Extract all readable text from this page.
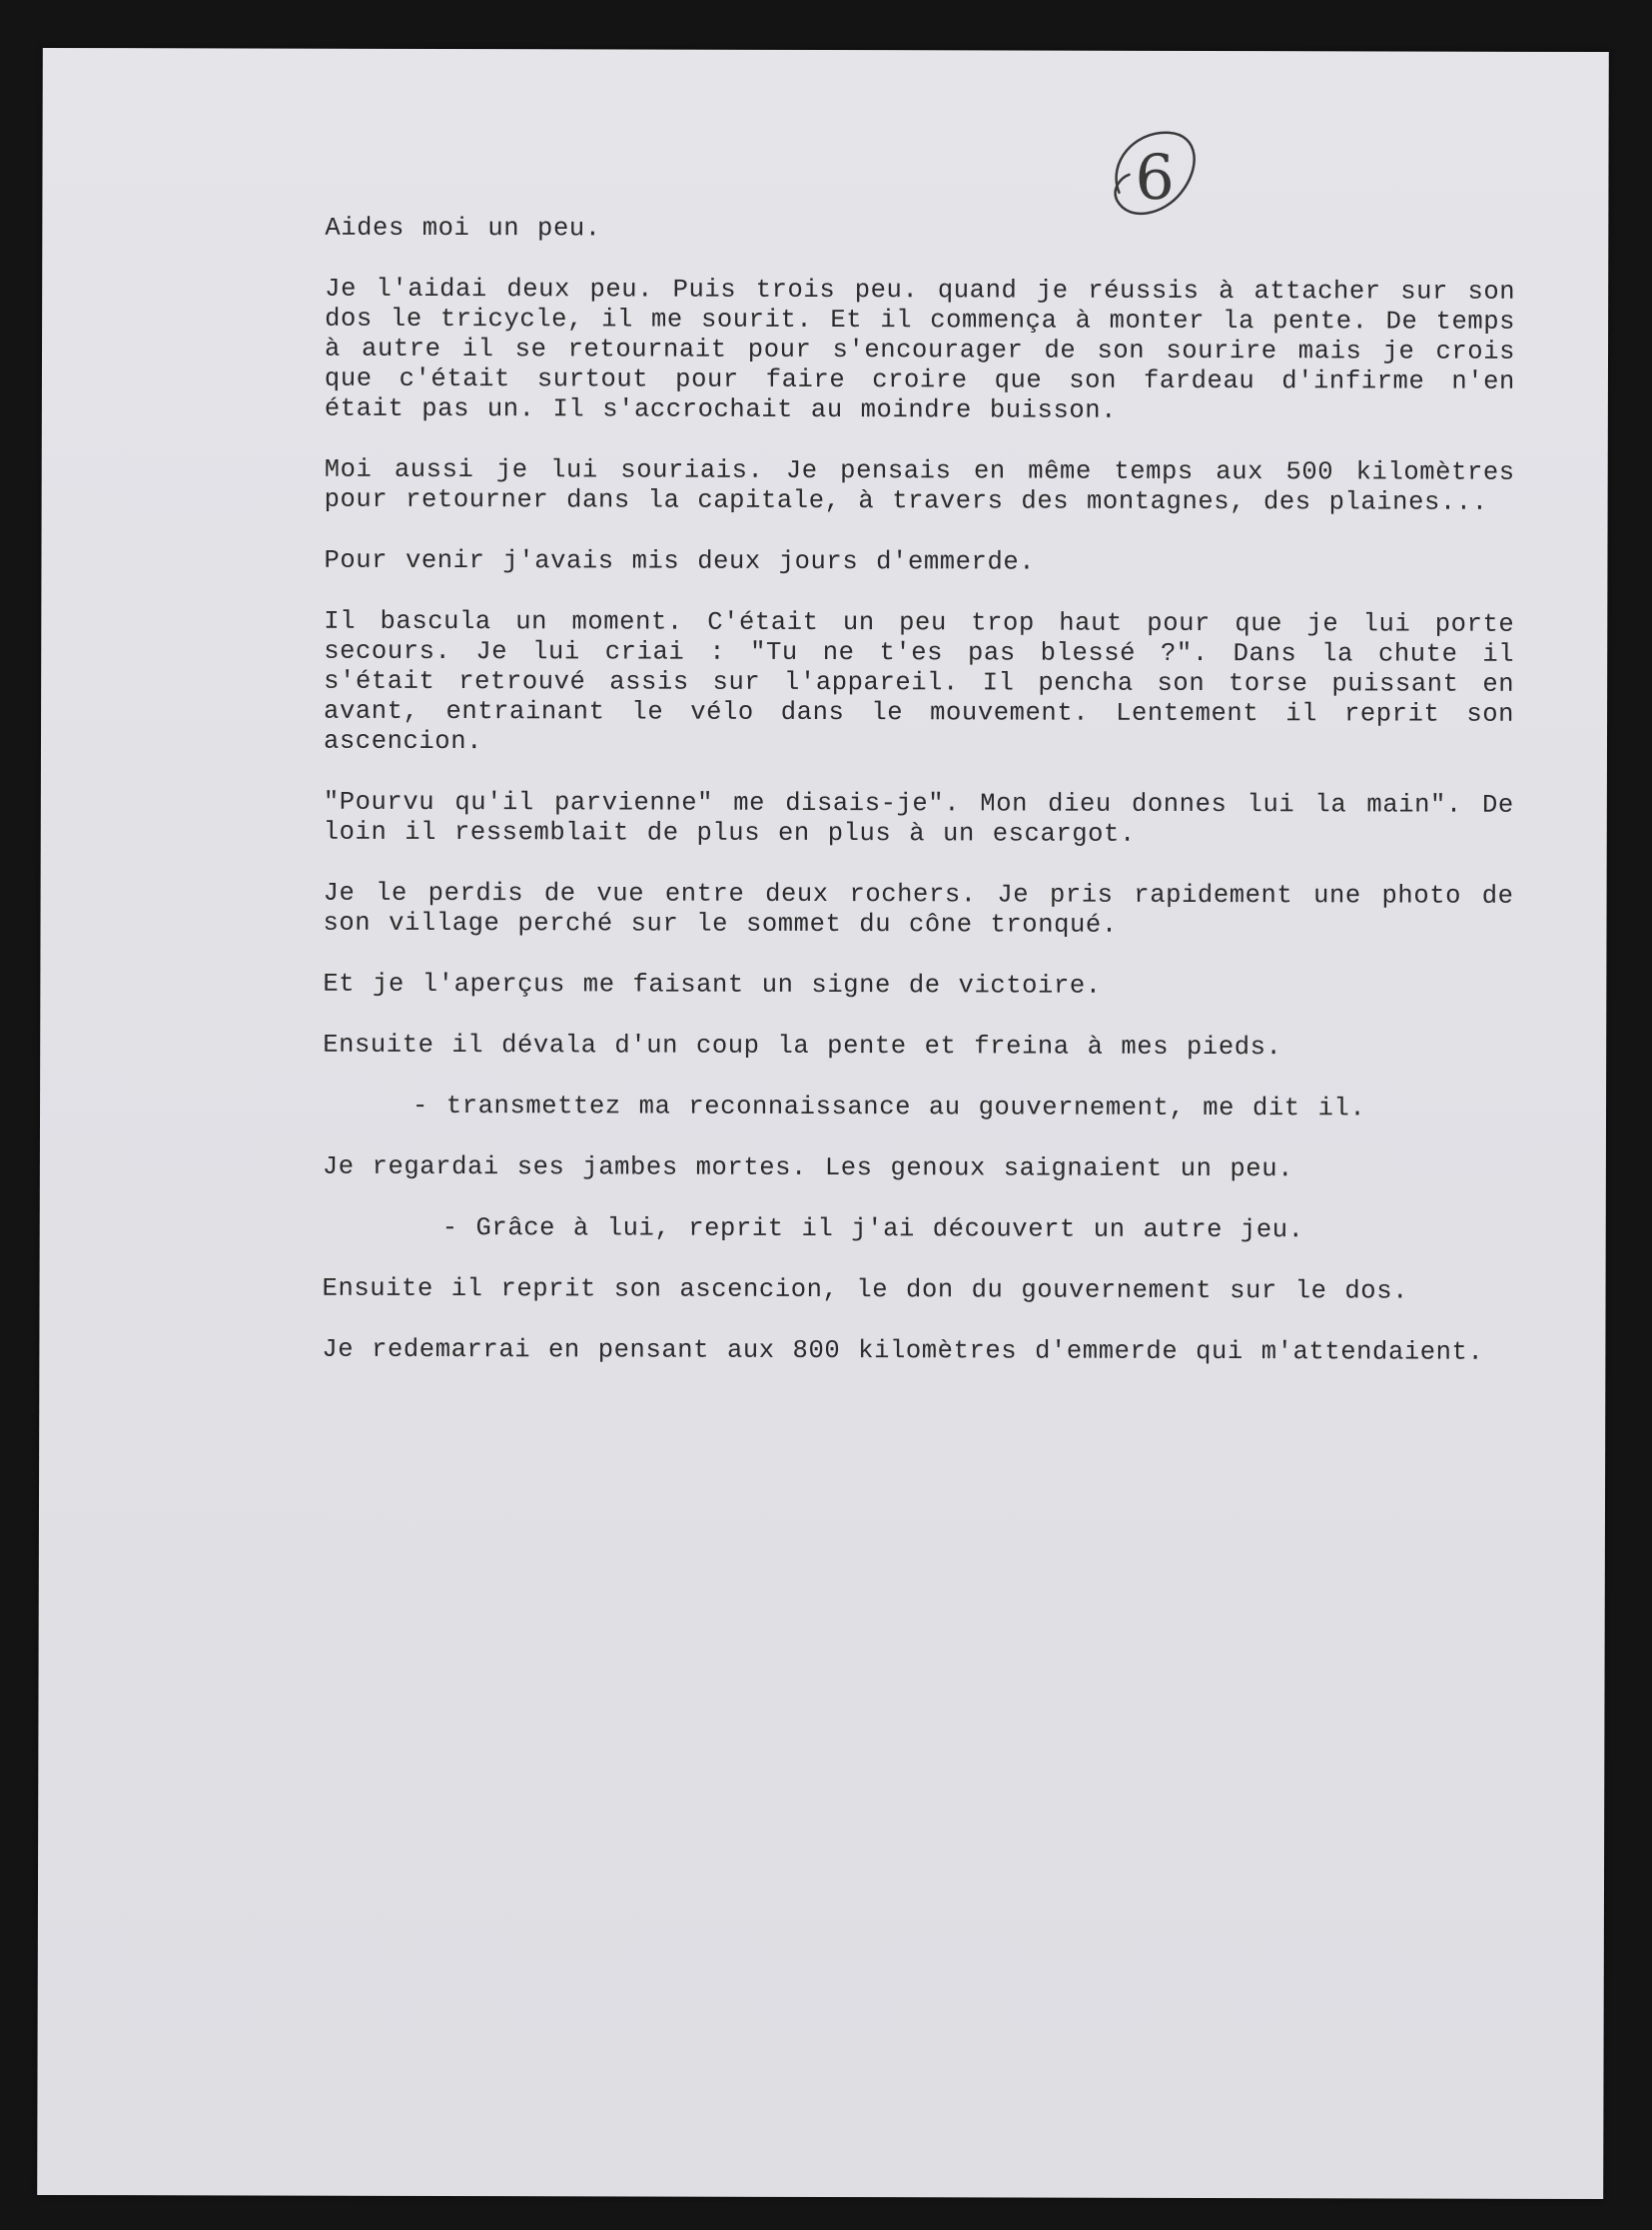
6

Aides moi un peu.

Je l'aidai deux peu. Puis trois peu. quand je réussis à attacher sur son dos le tricycle, il me sourit. Et il commença à monter la pente. De temps à autre il se retournait pour s'encourager de son sourire mais je crois que c'était surtout pour faire croire que son fardeau d'infirme n'en était pas un. Il s'accrochait au moindre buisson.

Moi aussi je lui souriais. Je pensais en même temps aux 500 kilomètres pour retourner dans la capitale, à travers des montagnes, des plaines...

Pour venir j'avais mis deux jours d'emmerde.

Il bascula un moment. C'était un peu trop haut pour que je lui porte secours. Je lui criai : "Tu ne t'es pas blessé ?". Dans la chute il s'était retrouvé assis sur l'appareil. Il pencha son torse puissant en avant, entrainant le vélo dans le mouvement. Lentement il reprit son ascencion.

"Pourvu qu'il parvienne" me disais-je". Mon dieu donnes lui la main". De loin il ressemblait de plus en plus à un escargot.

Je le perdis de vue entre deux rochers. Je pris rapidement une photo de son village perché sur le sommet du cône tronqué.

Et je l'aperçus me faisant un signe de victoire.

Ensuite il dévala d'un coup la pente et freina à mes pieds.

- transmettez ma reconnaissance au gouvernement, me dit il.

Je regardai ses jambes mortes. Les genoux saignaient un peu.

- Grâce à lui, reprit il j'ai découvert un autre jeu.

Ensuite il reprit son ascencion, le don du gouvernement sur le dos.

Je redemarrai en pensant aux 800 kilomètres d'emmerde qui m'attendaient.
